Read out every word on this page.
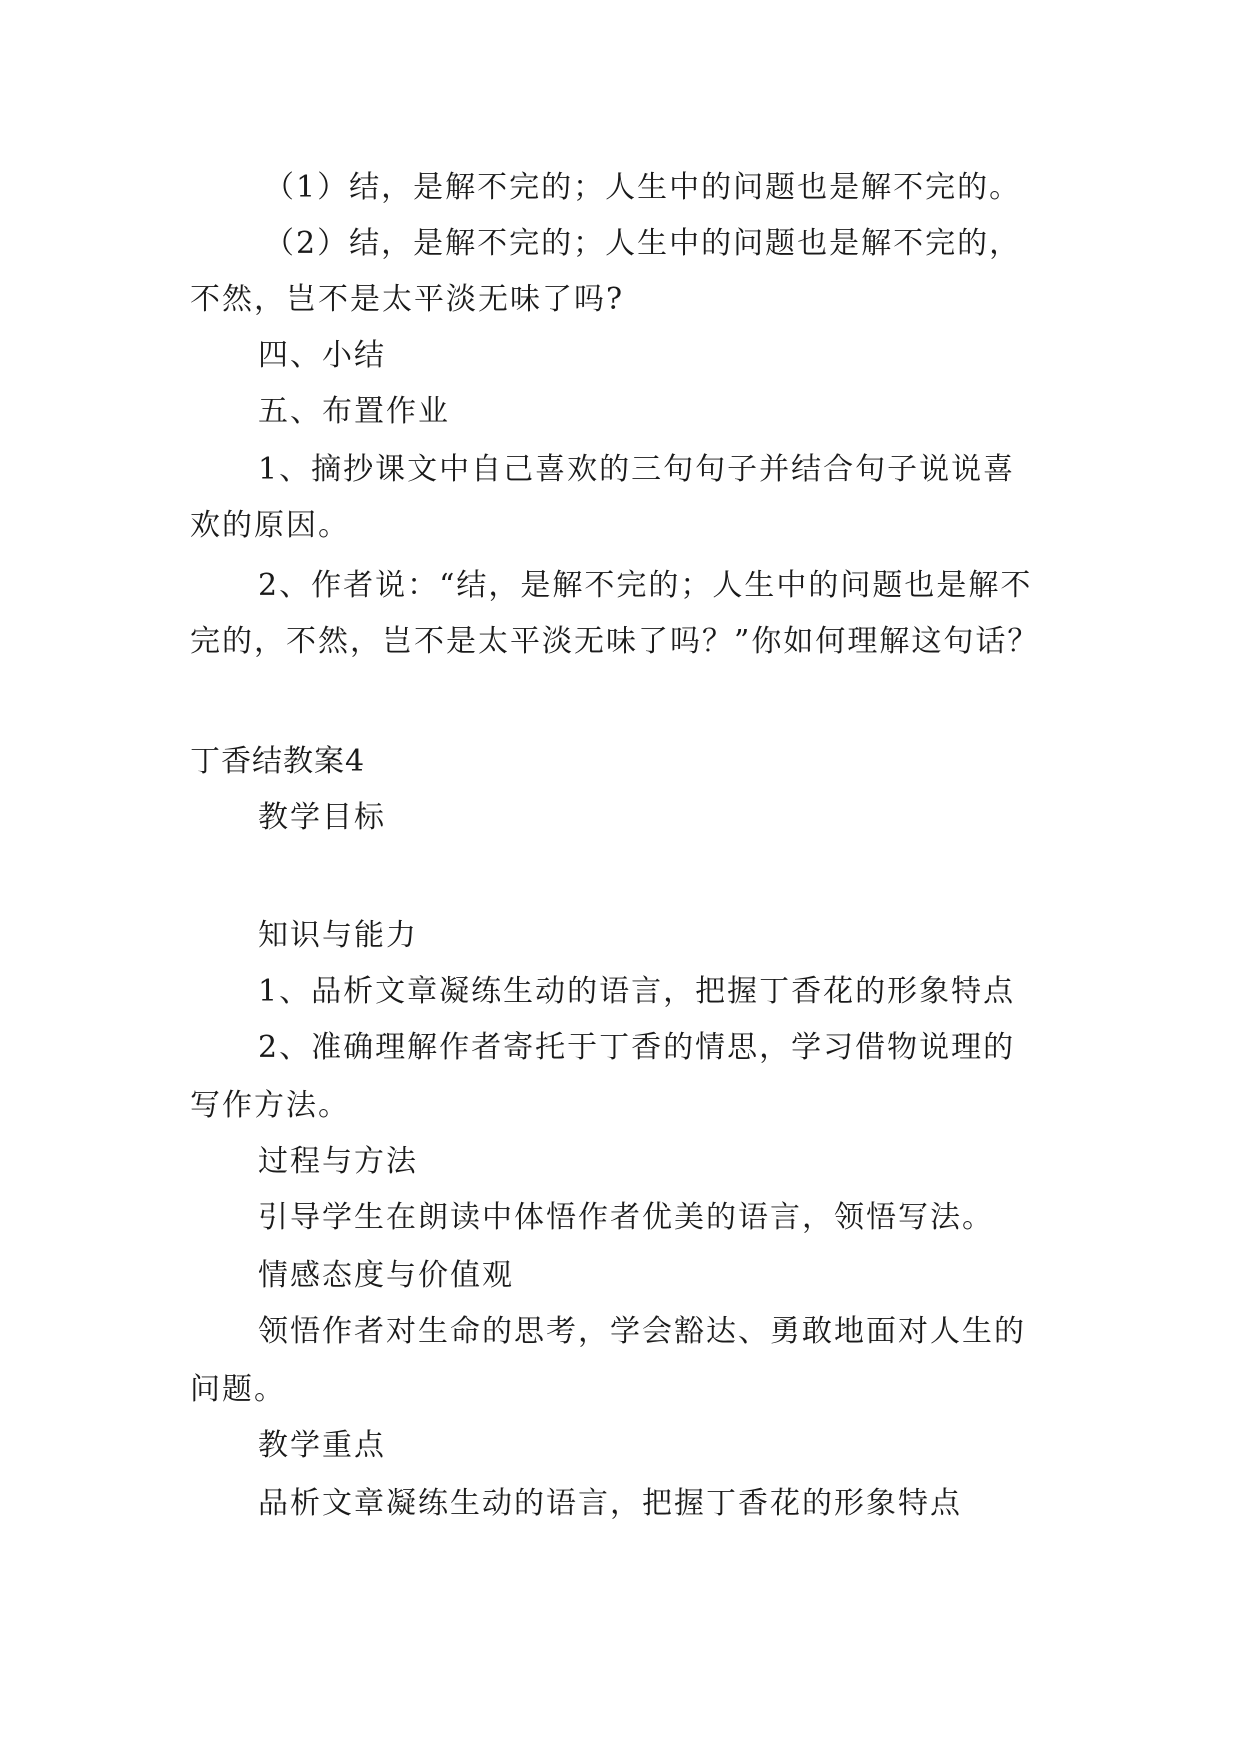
（1）结，是解不完的；人生中的问题也是解不完的。
（2）结，是解不完的；人生中的问题也是解不完的，
不然，岂不是太平淡无味了吗?
四、小结
五、布置作业
1、摘抄课文中自己喜欢的三句句子并结合句子说说喜
欢的原因。
2、作者说：“结，是解不完的；人生中的问题也是解不
完的，不然，岂不是太平淡无味了吗？”你如何理解这句话？
丁香结教案4
教学目标
知识与能力
1、品析文章凝练生动的语言，把握丁香花的形象特点
2、准确理解作者寄托于丁香的情思，学习借物说理的
写作方法。
过程与方法
引导学生在朗读中体悟作者优美的语言，领悟写法。
情感态度与价值观
领悟作者对生命的思考，学会豁达、勇敢地面对人生的
问题。
教学重点
品析文章凝练生动的语言，把握丁香花的形象特点
